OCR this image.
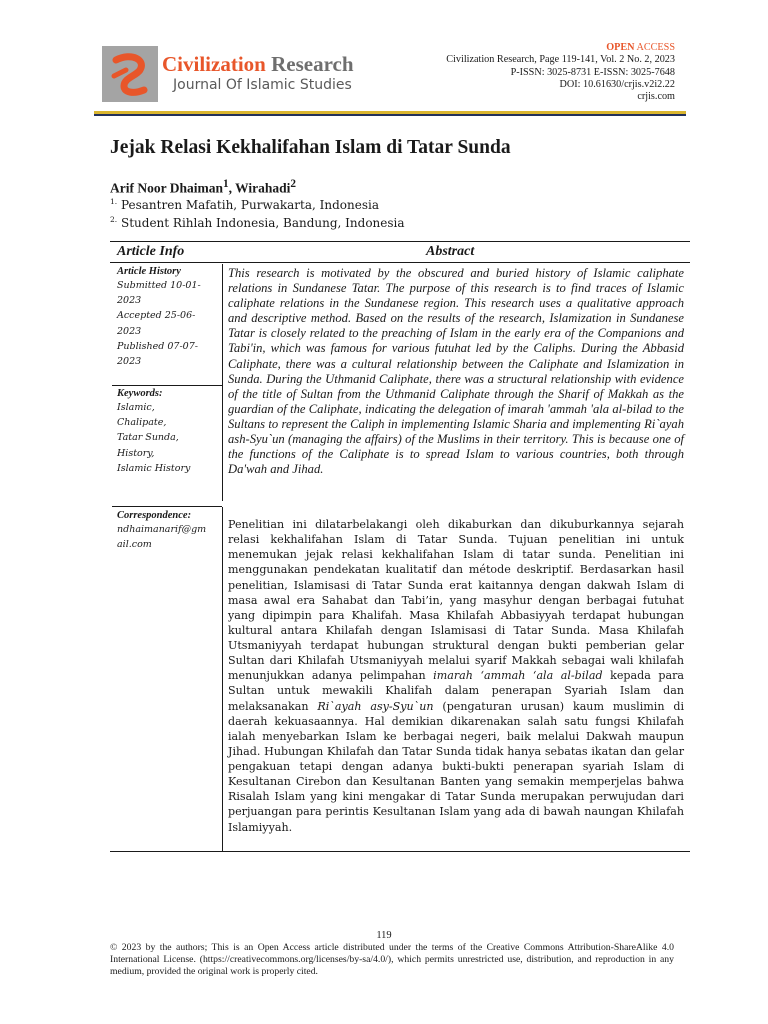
Civilization Research
Journal Of Islamic Studies
OPEN ACCESS
Civilization Research, Page 119-141, Vol. 2 No. 2, 2023
P-ISSN: 3025-8731 E-ISSN: 3025-7648
DOI: 10.61630/crjis.v2i2.22
crjis.com
Jejak Relasi Kekhalifahan Islam di Tatar Sunda
Arif Noor Dhaiman$^1$, Wirahadi$^2$
$^{1.}$ Pesantren Mafatih, Purwakarta, Indonesia
$^{2.}$ Student Rihlah Indonesia, Bandung, Indonesia
Article Info	Abstract
Article History
Submitted 10-01-
2023
Accepted 25-06-
2023
Published 07-07-
2023
Keywords:
Islamic,
Chalipate,
Tatar Sunda,
History,
Islamic History
Correspondence:
ndhaimanarif@gm
ail.com
This research is motivated by the obscured and buried history of Islamic caliphate relations in Sundanese Tatar. The purpose of this research is to find traces of Islamic caliphate relations in the Sundanese region. This research uses a qualitative approach and descriptive method. Based on the results of the research, Islamization in Sundanese Tatar is closely related to the preaching of Islam in the early era of the Companions and Tabi'in, which was famous for various futuhat led by the Caliphs. During the Abbasid Caliphate, there was a cultural relationship between the Caliphate and Islamization in Sunda. During the Uthmanid Caliphate, there was a structural relationship with evidence of the title of Sultan from the Uthmanid Caliphate through the Sharif of Makkah as the guardian of the Caliphate, indicating the delegation of imarah 'ammah 'ala al-bilad to the Sultans to represent the Caliph in implementing Islamic Sharia and implementing Ri`ayah ash-Syu`un (managing the affairs) of the Muslims in their territory. This is because one of the functions of the Caliphate is to spread Islam to various countries, both through Da'wah and Jihad.
Penelitian ini dilatarbelakangi oleh dikaburkan dan dikuburkannya sejarah relasi kekhalifahan Islam di Tatar Sunda. Tujuan penelitian ini untuk menemukan jejak relasi kekhalifahan Islam di tatar sunda. Penelitian ini menggunakan pendekatan kualitatif dan métode deskriptif. Berdasarkan hasil penelitian, Islamisasi di Tatar Sunda erat kaitannya dengan dakwah Islam di masa awal era Sahabat dan Tabi’in, yang masyhur dengan berbagai futuhat yang dipimpin para Khalifah. Masa Khilafah Abbasiyyah terdapat hubungan kultural antara Khilafah dengan Islamisasi di Tatar Sunda. Masa Khilafah Utsmaniyyah terdapat hubungan struktural dengan bukti pemberian gelar Sultan dari Khilafah Utsmaniyyah melalui syarif Makkah sebagai wali khilafah menunjukkan adanya pelimpahan imarah ‘ammah ‘ala al-bilad kepada para Sultan untuk mewakili Khalifah dalam penerapan Syariah Islam dan melaksanakan Ri`ayah asy-Syu`un (pengaturan urusan) kaum muslimin di daerah kekuasaannya. Hal demikian dikarenakan salah satu fungsi Khilafah ialah menyebarkan Islam ke berbagai negeri, baik melalui Dakwah maupun Jihad. Hubungan Khilafah dan Tatar Sunda tidak hanya sebatas ikatan dan gelar pengakuan tetapi dengan adanya bukti-bukti penerapan syariah Islam di Kesultanan Cirebon dan Kesultanan Banten yang semakin memperjelas bahwa Risalah Islam yang kini mengakar di Tatar Sunda merupakan perwujudan dari perjuangan para perintis Kesultanan Islam yang ada di bawah naungan Khilafah Islamiyyah.
119
© 2023 by the authors; This is an Open Access article distributed under the terms of the Creative Commons Attribution-ShareAlike 4.0 International License. (https://creativecommons.org/licenses/by-sa/4.0/), which permits unrestricted use, distribution, and reproduction in any medium, provided the original work is properly cited.
